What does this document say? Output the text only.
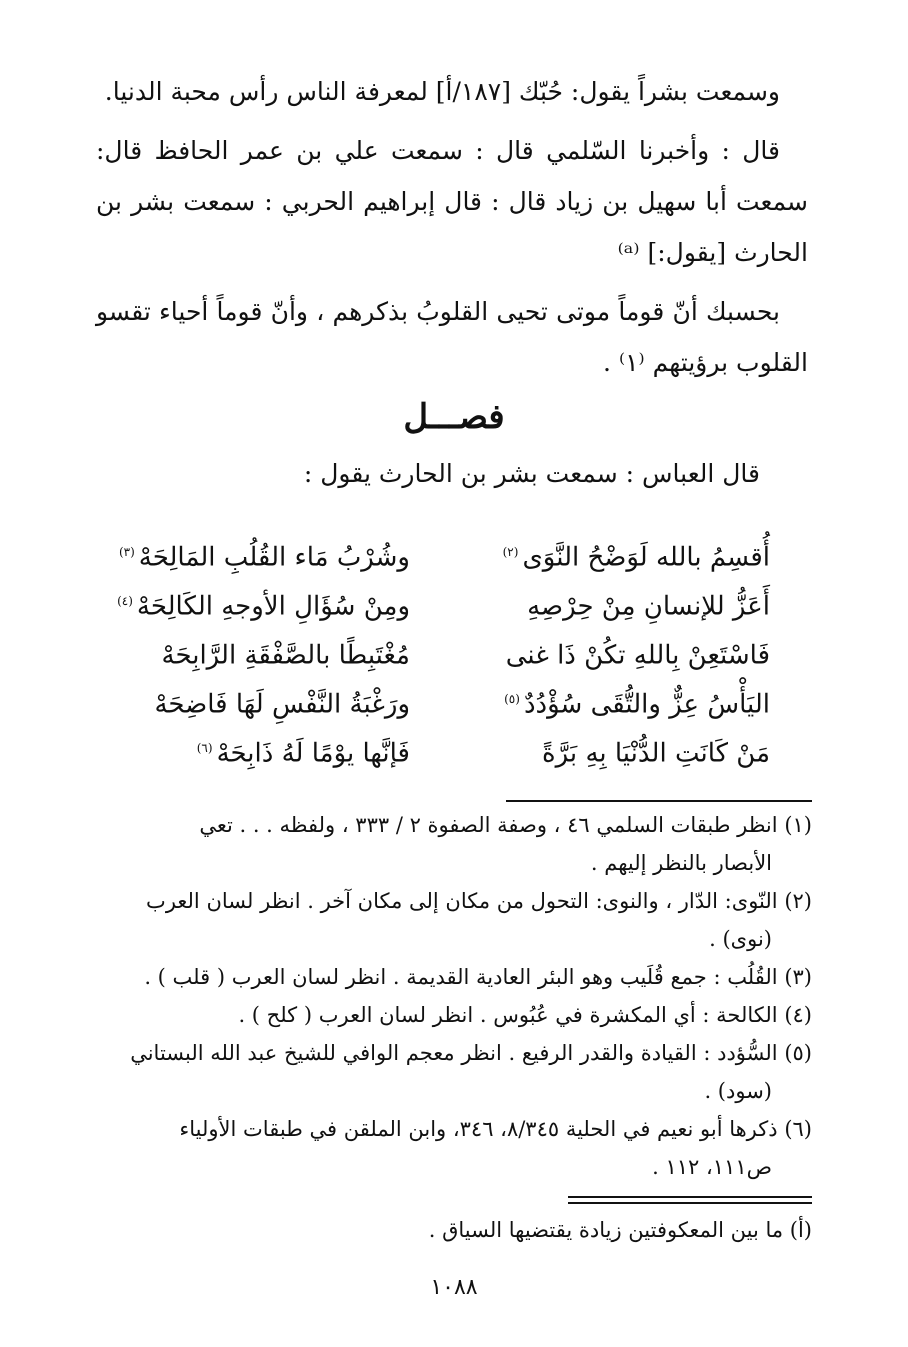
وسمعت بشراً يقول: حُبّك [١٨٧/أ] لمعرفة الناس رأس محبة الدنيا.

قال : وأخبرنا السّلمي قال : سمعت علي بن عمر الحافظ قال: سمعت أبا سهيل بن زياد قال : قال إبراهيم الحربي : سمعت بشر بن الحارث [يقول:] ⁽ᵃ⁾

بحسبك أنّ قوماً موتى تحيى القلوبُ بذكرهم ، وأنّ قوماً أحياء تقسو القلوب برؤيتهم ⁽١⁾ .

فصـــل
قال العباس : سمعت بشر بن الحارث يقول :
أُقسِمُ بالله لَوَضْحُ النَّوَى$^{(٢)}$
وشُرْبُ مَاء القُلُبِ المَالِحَهْ$^{(٣)}$
أَعَزُّ للإنسانِ مِنْ حِرْصِهِ
ومِنْ سُؤَالِ الأوجهِ الكَالِحَهْ$^{(٤)}$
فَاسْتَعِنْ بِاللهِ تكُنْ ذَا غنى
مُغْتَبِطًا بالصَّفْقَةِ الرَّابِحَهْ
اليَأْسُ عِزٌّ والتُّقَى سُؤْدُدٌ$^{(٥)}$
ورَغْبَةُ النَّفْسِ لَهَا فَاضِحَهْ
مَنْ كَانَتِ الدُّنْيَا بِهِ بَرَّةً
فَإنَّها يوْمًا لَهُ ذَابِحَهْ$^{(٦)}$
(١) انظر طبقات السلمي ٤٦ ، وصفة الصفوة ٢ / ٣٣٣ ، ولفظه . . . تعي
الأبصار بالنظر إليهم .
(٢) النّوى: الدّار ، والنوى: التحول من مكان إلى مكان آخر . انظر لسان العرب
(نوى) .
(٣) القُلُب : جمع قُلَيب وهو البئر العادية القديمة . انظر لسان العرب ( قلب ) .
(٤) الكالحة : أي المكشرة في عُبُوس . انظر لسان العرب ( كلح ) .
(٥) السُّؤدد : القيادة والقدر الرفيع . انظر معجم الوافي للشيخ عبد الله البستاني
(سود) .
(٦) ذكرها أبو نعيم في الحلية ٨/٣٤٥، ٣٤٦، وابن الملقن في طبقات الأولياء
ص١١١، ١١٢ .
(أ) ما بين المعكوفتين زيادة يقتضيها السياق .
١٠٨٨
